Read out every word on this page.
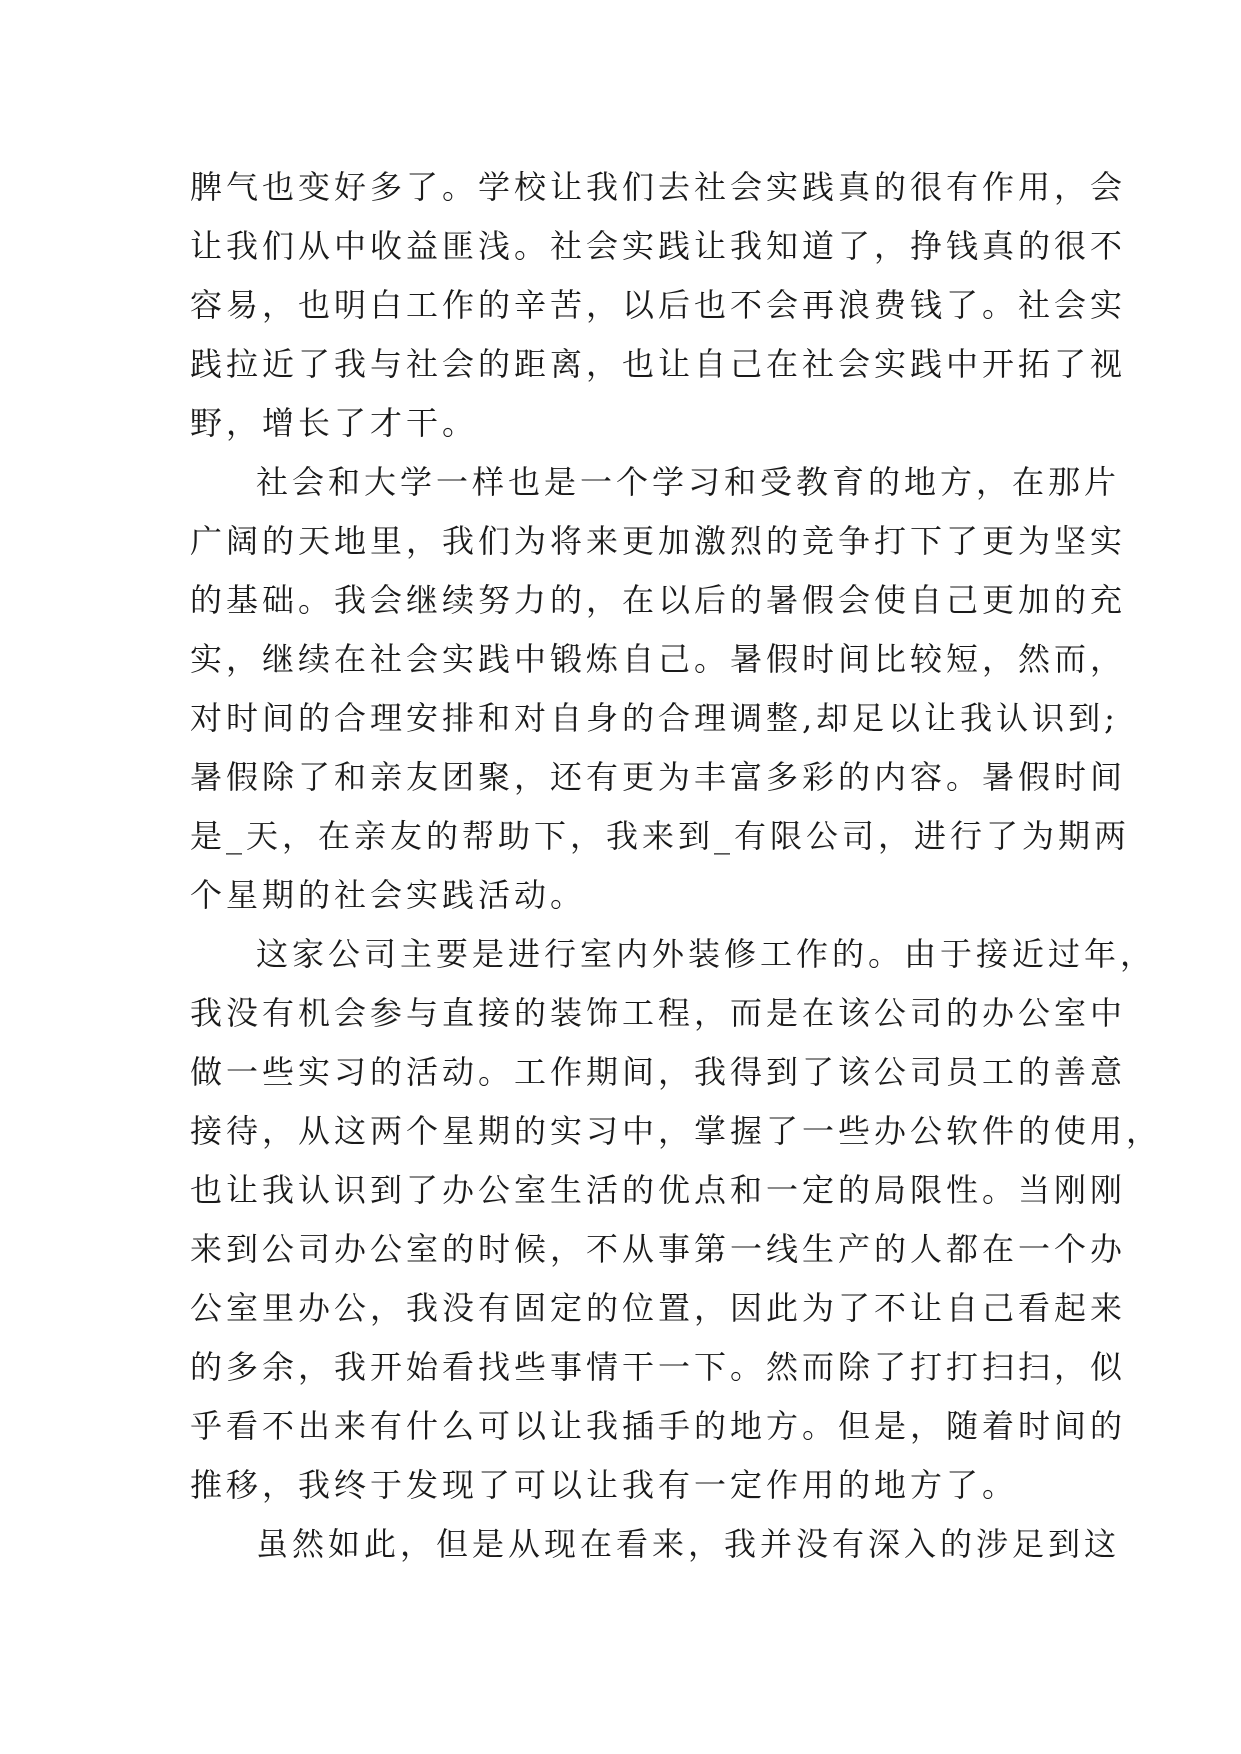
脾气也变好多了。学校让我们去社会实践真的很有作用，会
让我们从中收益匪浅。社会实践让我知道了，挣钱真的很不
容易，也明白工作的辛苦，以后也不会再浪费钱了。社会实
践拉近了我与社会的距离，也让自己在社会实践中开拓了视
野，增长了才干。
社会和大学一样也是一个学习和受教育的地方，在那片
广阔的天地里，我们为将来更加激烈的竞争打下了更为坚实
的基础。我会继续努力的，在以后的暑假会使自己更加的充
实，继续在社会实践中锻炼自己。暑假时间比较短，然而，
对时间的合理安排和对自身的合理调整,却足以让我认识到;
暑假除了和亲友团聚，还有更为丰富多彩的内容。暑假时间
是_天，在亲友的帮助下，我来到_有限公司，进行了为期两
个星期的社会实践活动。
这家公司主要是进行室内外装修工作的。由于接近过年，
我没有机会参与直接的装饰工程，而是在该公司的办公室中
做一些实习的活动。工作期间，我得到了该公司员工的善意
接待，从这两个星期的实习中，掌握了一些办公软件的使用，
也让我认识到了办公室生活的优点和一定的局限性。当刚刚
来到公司办公室的时候，不从事第一线生产的人都在一个办
公室里办公，我没有固定的位置，因此为了不让自己看起来
的多余，我开始看找些事情干一下。然而除了打打扫扫，似
乎看不出来有什么可以让我插手的地方。但是，随着时间的
推移，我终于发现了可以让我有一定作用的地方了。
虽然如此，但是从现在看来，我并没有深入的涉足到这
